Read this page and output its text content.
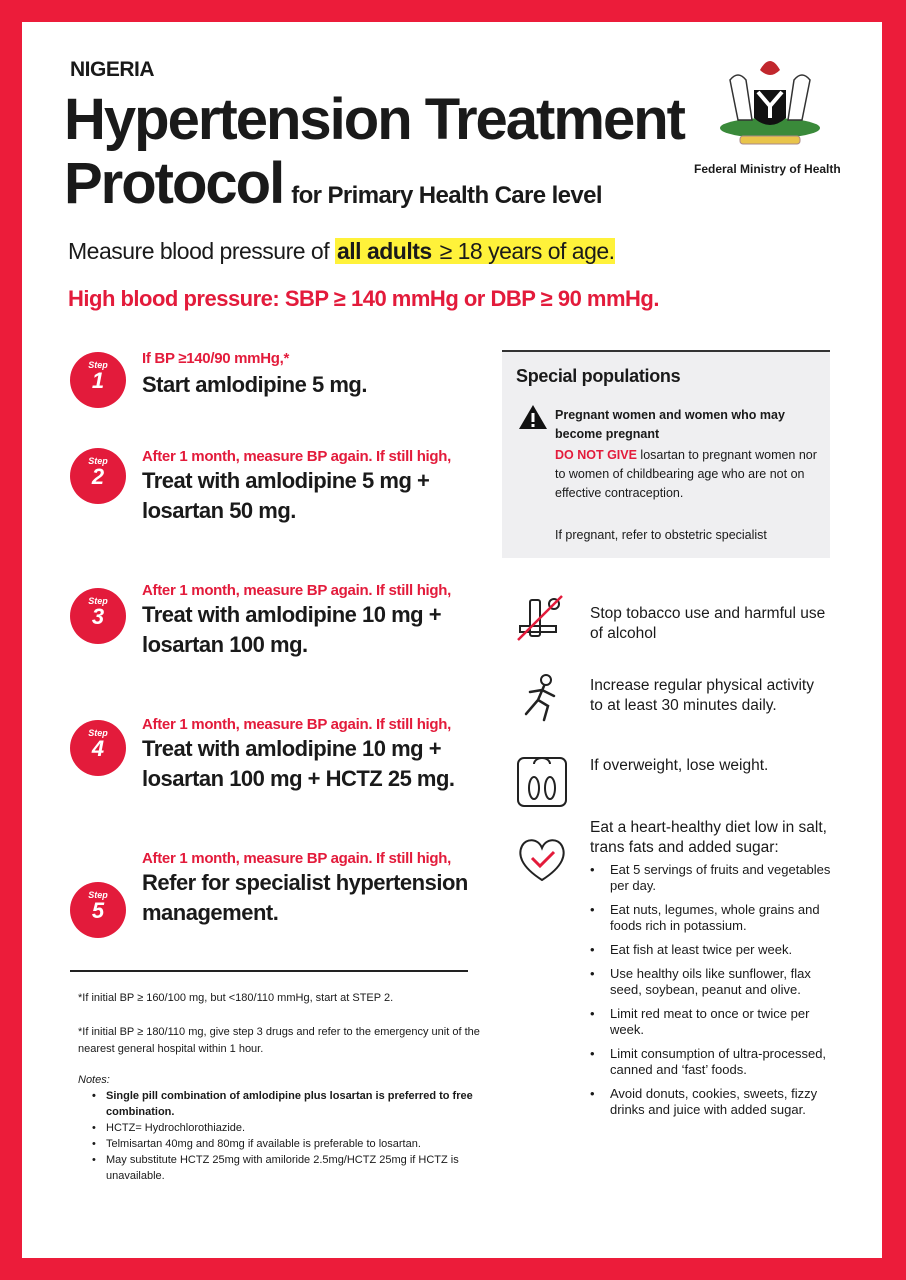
NIGERIA
Hypertension Treatment
Protocol for Primary Health Care level
Federal Ministry of Health
Measure blood pressure of all adults ≥ 18 years of age.
High blood pressure: SBP ≥ 140 mmHg or DBP ≥ 90 mmHg.
Step
1
If BP ≥140/90 mmHg,*
Start amlodipine 5 mg.
Step
2
After 1 month, measure BP again. If still high,
Treat with amlodipine 5 mg +
losartan 50 mg.
Step
3
After 1 month, measure BP again. If still high,
Treat with amlodipine 10 mg +
losartan 100 mg.
Step
4
After 1 month, measure BP again. If still high,
Treat with amlodipine 10 mg +
losartan 100 mg + HCTZ 25 mg.
Step
5
After 1 month, measure BP again. If still high,
Refer for specialist hypertension
management.
*If initial BP ≥ 160/100 mg, but <180/110 mmHg, start at STEP 2.
*If initial BP ≥ 180/110 mg, give step 3 drugs and refer to the emergency unit of the nearest general hospital within 1 hour.
Notes:
• Single pill combination of amlodipine plus losartan is preferred to free combination.
• HCTZ= Hydrochlorothiazide.
• Telmisartan 40mg and 80mg if available is preferable to losartan.
• May substitute HCTZ 25mg with amiloride 2.5mg/HCTZ 25mg if HCTZ is unavailable.
Special populations
Pregnant women and women who may become pregnant
DO NOT GIVE losartan to pregnant women nor to women of childbearing age who are not on effective contraception.
If pregnant, refer to obstetric specialist
Stop tobacco use and harmful use of alcohol
Increase regular physical activity to at least 30 minutes daily.
If overweight, lose weight.
Eat a heart-healthy diet low in salt, trans fats and added sugar:
• Eat 5 servings of fruits and vegetables per day.
• Eat nuts, legumes, whole grains and foods rich in potassium.
• Eat fish at least twice per week.
• Use healthy oils like sunflower, flax seed, soybean, peanut and olive.
• Limit red meat to once or twice per week.
• Limit consumption of ultra-processed, canned and ‘fast’ foods.
• Avoid donuts, cookies, sweets, fizzy drinks and juice with added sugar.
